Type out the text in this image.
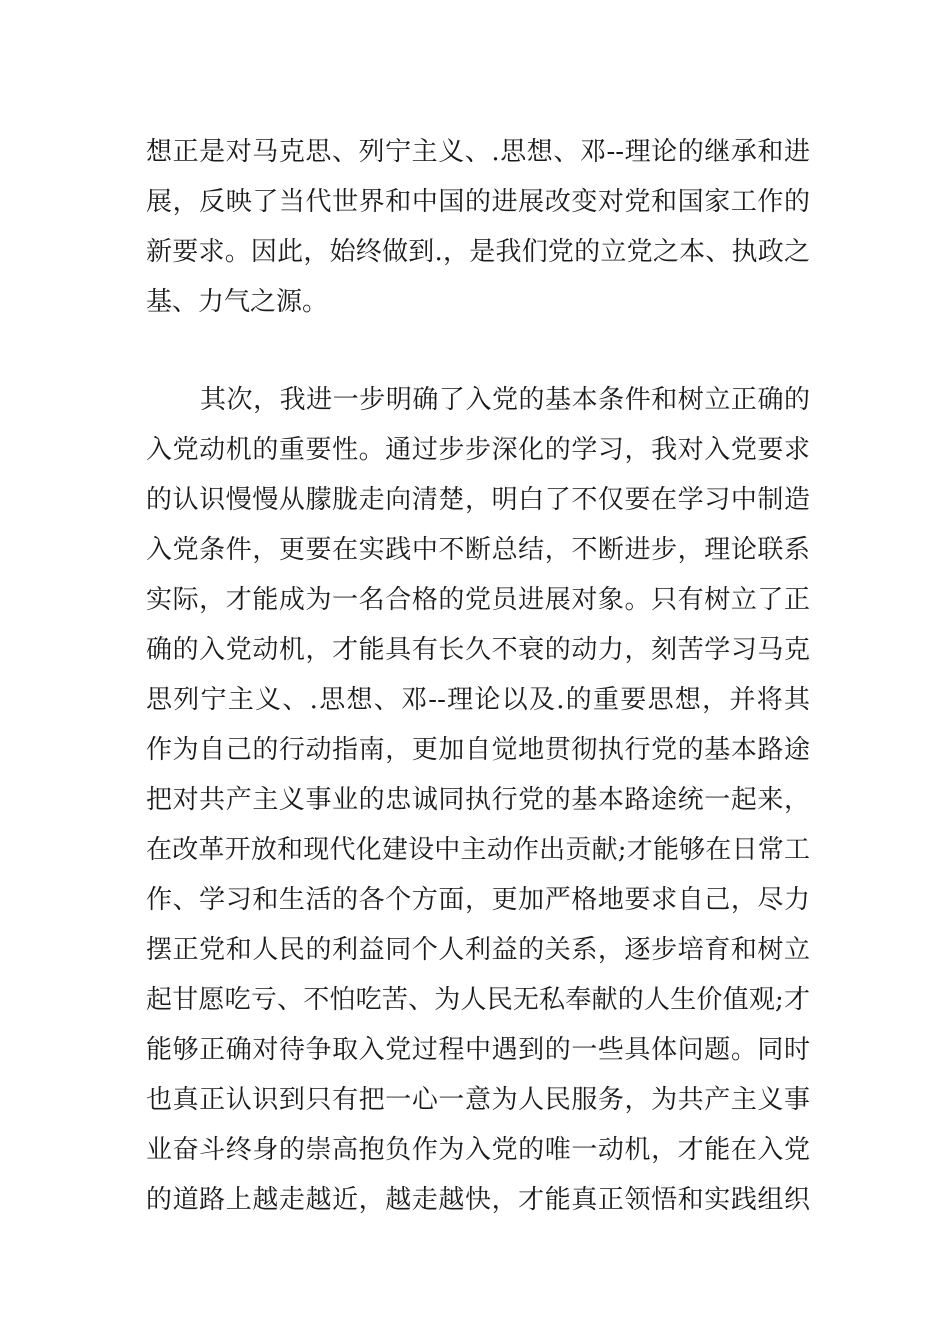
想正是对马克思、列宁主义、.思想、邓--理论的继承和进
展，反映了当代世界和中国的进展改变对党和国家工作的
新要求。因此，始终做到.，是我们党的立党之本、执政之
基、力气之源。
其次，我进一步明确了入党的基本条件和树立正确的
入党动机的重要性。通过步步深化的学习，我对入党要求
的认识慢慢从朦胧走向清楚，明白了不仅要在学习中制造
入党条件，更要在实践中不断总结，不断进步，理论联系
实际，才能成为一名合格的党员进展对象。只有树立了正
确的入党动机，才能具有长久不衰的动力，刻苦学习马克
思列宁主义、.思想、邓--理论以及.的重要思想，并将其
作为自己的行动指南，更加自觉地贯彻执行党的基本路途
把对共产主义事业的忠诚同执行党的基本路途统一起来，
在改革开放和现代化建设中主动作出贡献;才能够在日常工
作、学习和生活的各个方面，更加严格地要求自己，尽力
摆正党和人民的利益同个人利益的关系，逐步培育和树立
起甘愿吃亏、不怕吃苦、为人民无私奉献的人生价值观;才
能够正确对待争取入党过程中遇到的一些具体问题。同时
也真正认识到只有把一心一意为人民服务，为共产主义事
业奋斗终身的崇高抱负作为入党的唯一动机，才能在入党
的道路上越走越近，越走越快，才能真正领悟和实践组织
